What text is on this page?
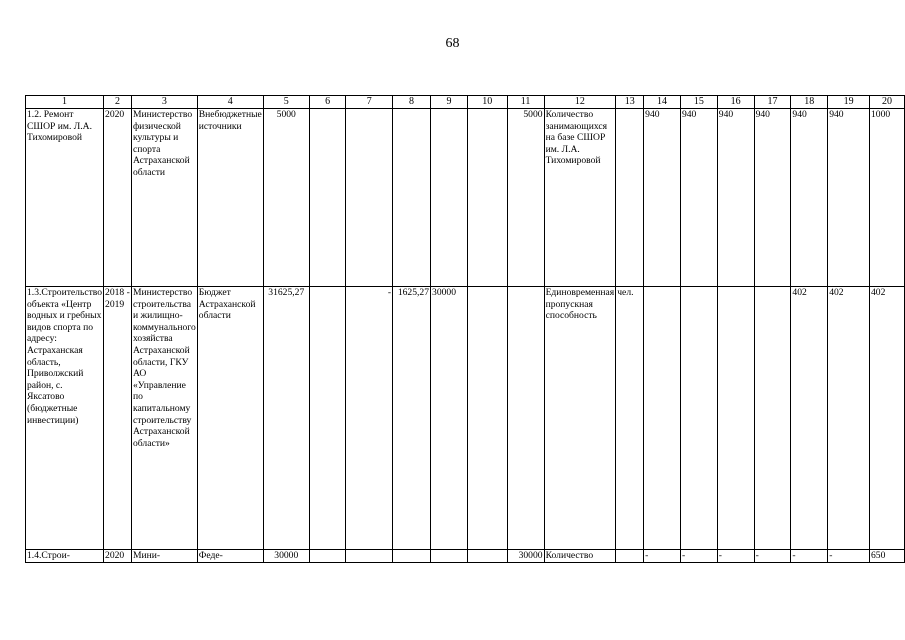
68
1	2	3	4	5	6	7	8	9	10	11	12	13	14	15	16	17	18	19	20
1.2. Ремонт СШОР им. Л.А. Тихомировой	2020	Министерство физической культуры и спорта Астраханской области	Внебюджетные источники	5000						5000	Количество занимающихся на базе СШОР им. Л.А. Тихомировой		940	940	940	940	940	940	1000
1.3.Строительство объекта «Центр водных и гребных видов спорта по адресу: Астраханская область, Приволжский район, с. Яксатово (бюджетные инвестиции)	2018 - 2019	Министерство строительства и жилищно-коммунального хозяйства Астраханской области, ГКУ АО «Управление по капитальному строительству Астраханской области»	Бюджет Астраханской области	31625,27		-	1625,27	30000			Единовременная пропускная способность	чел.					402	402	402
1.4.Строи-	2020	Мини-	Феде-	30000						30000	Количество		-	-	-	-	-	-	650
